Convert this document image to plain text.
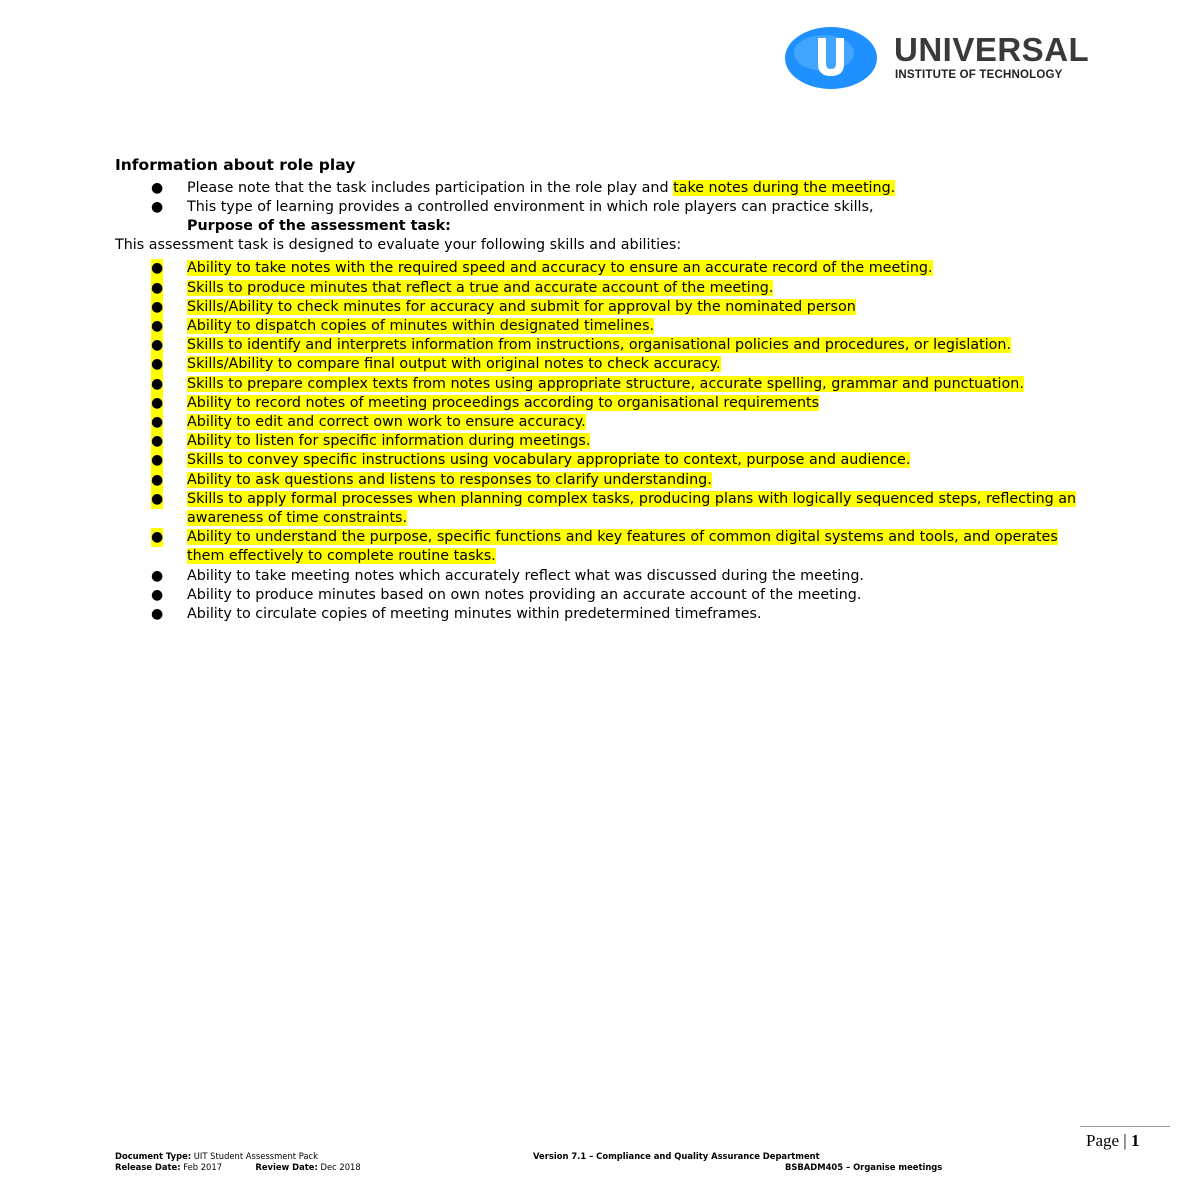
UNIVERSAL
INSTITUTE OF TECHNOLOGY
Information about role play
● Please note that the task includes participation in the role play and take notes during the meeting.
● This type of learning provides a controlled environment in which role players can practice skills,
Purpose of the assessment task:
This assessment task is designed to evaluate your following skills and abilities:
● Ability to take notes with the required speed and accuracy to ensure an accurate record of the meeting.
● Skills to produce minutes that reflect a true and accurate account of the meeting.
● Skills/Ability to check minutes for accuracy and submit for approval by the nominated person
● Ability to dispatch copies of minutes within designated timelines.
● Skills to identify and interprets information from instructions, organisational policies and procedures, or legislation.
● Skills/Ability to compare final output with original notes to check accuracy.
● Skills to prepare complex texts from notes using appropriate structure, accurate spelling, grammar and punctuation.
● Ability to record notes of meeting proceedings according to organisational requirements
● Ability to edit and correct own work to ensure accuracy.
● Ability to listen for specific information during meetings.
● Skills to convey specific instructions using vocabulary appropriate to context, purpose and audience.
● Ability to ask questions and listens to responses to clarify understanding.
● Skills to apply formal processes when planning complex tasks, producing plans with logically sequenced steps, reflecting an awareness of time constraints.
● Ability to understand the purpose, specific functions and key features of common digital systems and tools, and operates them effectively to complete routine tasks.
● Ability to take meeting notes which accurately reflect what was discussed during the meeting.
● Ability to produce minutes based on own notes providing an accurate account of the meeting.
● Ability to circulate copies of meeting minutes within predetermined timeframes.
Page | 1
Document Type: UIT Student Assessment Pack
Release Date: Feb 2017	Review Date: Dec 2018
Version 7.1 – Compliance and Quality Assurance Department
BSBADM405 – Organise meetings
